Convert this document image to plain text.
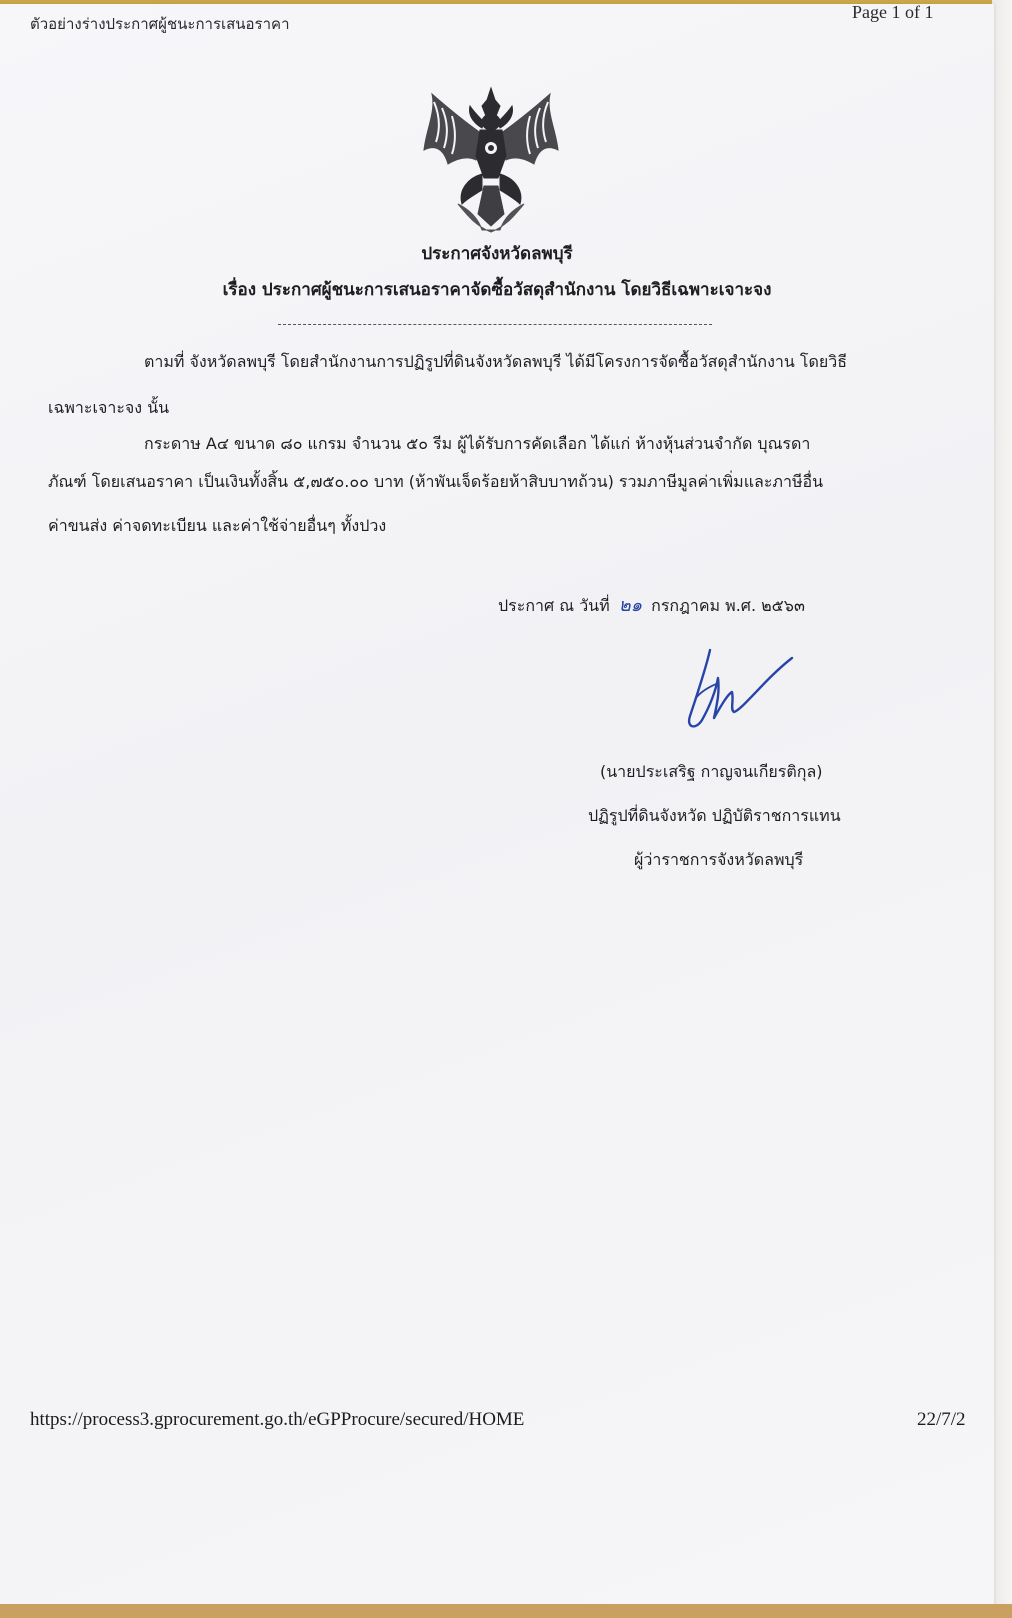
ตัวอย่างร่างประกาศผู้ชนะการเสนอราคา
Page 1 of 1
ประกาศจังหวัดลพบุรี
เรื่อง ประกาศผู้ชนะการเสนอราคาจัดซื้อวัสดุสำนักงาน โดยวิธีเฉพาะเจาะจง
ตามที่ จังหวัดลพบุรี โดยสำนักงานการปฏิรูปที่ดินจังหวัดลพบุรี ได้มีโครงการจัดซื้อวัสดุสำนักงาน โดยวิธี
เฉพาะเจาะจง นั้น
กระดาษ A๔ ขนาด ๘๐ แกรม จำนวน ๕๐ รีม ผู้ได้รับการคัดเลือก ได้แก่ ห้างหุ้นส่วนจำกัด บุณรดา
ภัณฑ์ โดยเสนอราคา เป็นเงินทั้งสิ้น ๕,๗๕๐.๐๐ บาท (ห้าพันเจ็ดร้อยห้าสิบบาทถ้วน) รวมภาษีมูลค่าเพิ่มและภาษีอื่น
ค่าขนส่ง ค่าจดทะเบียน และค่าใช้จ่ายอื่นๆ ทั้งปวง
ประกาศ ณ วันที่ ๒๑ กรกฎาคม พ.ศ. ๒๕๖๓
(นายประเสริฐ กาญจนเกียรติกุล)
ปฏิรูปที่ดินจังหวัด ปฏิบัติราชการแทน
ผู้ว่าราชการจังหวัดลพบุรี
https://process3.gprocurement.go.th/eGPProcure/secured/HOME	22/7/2
